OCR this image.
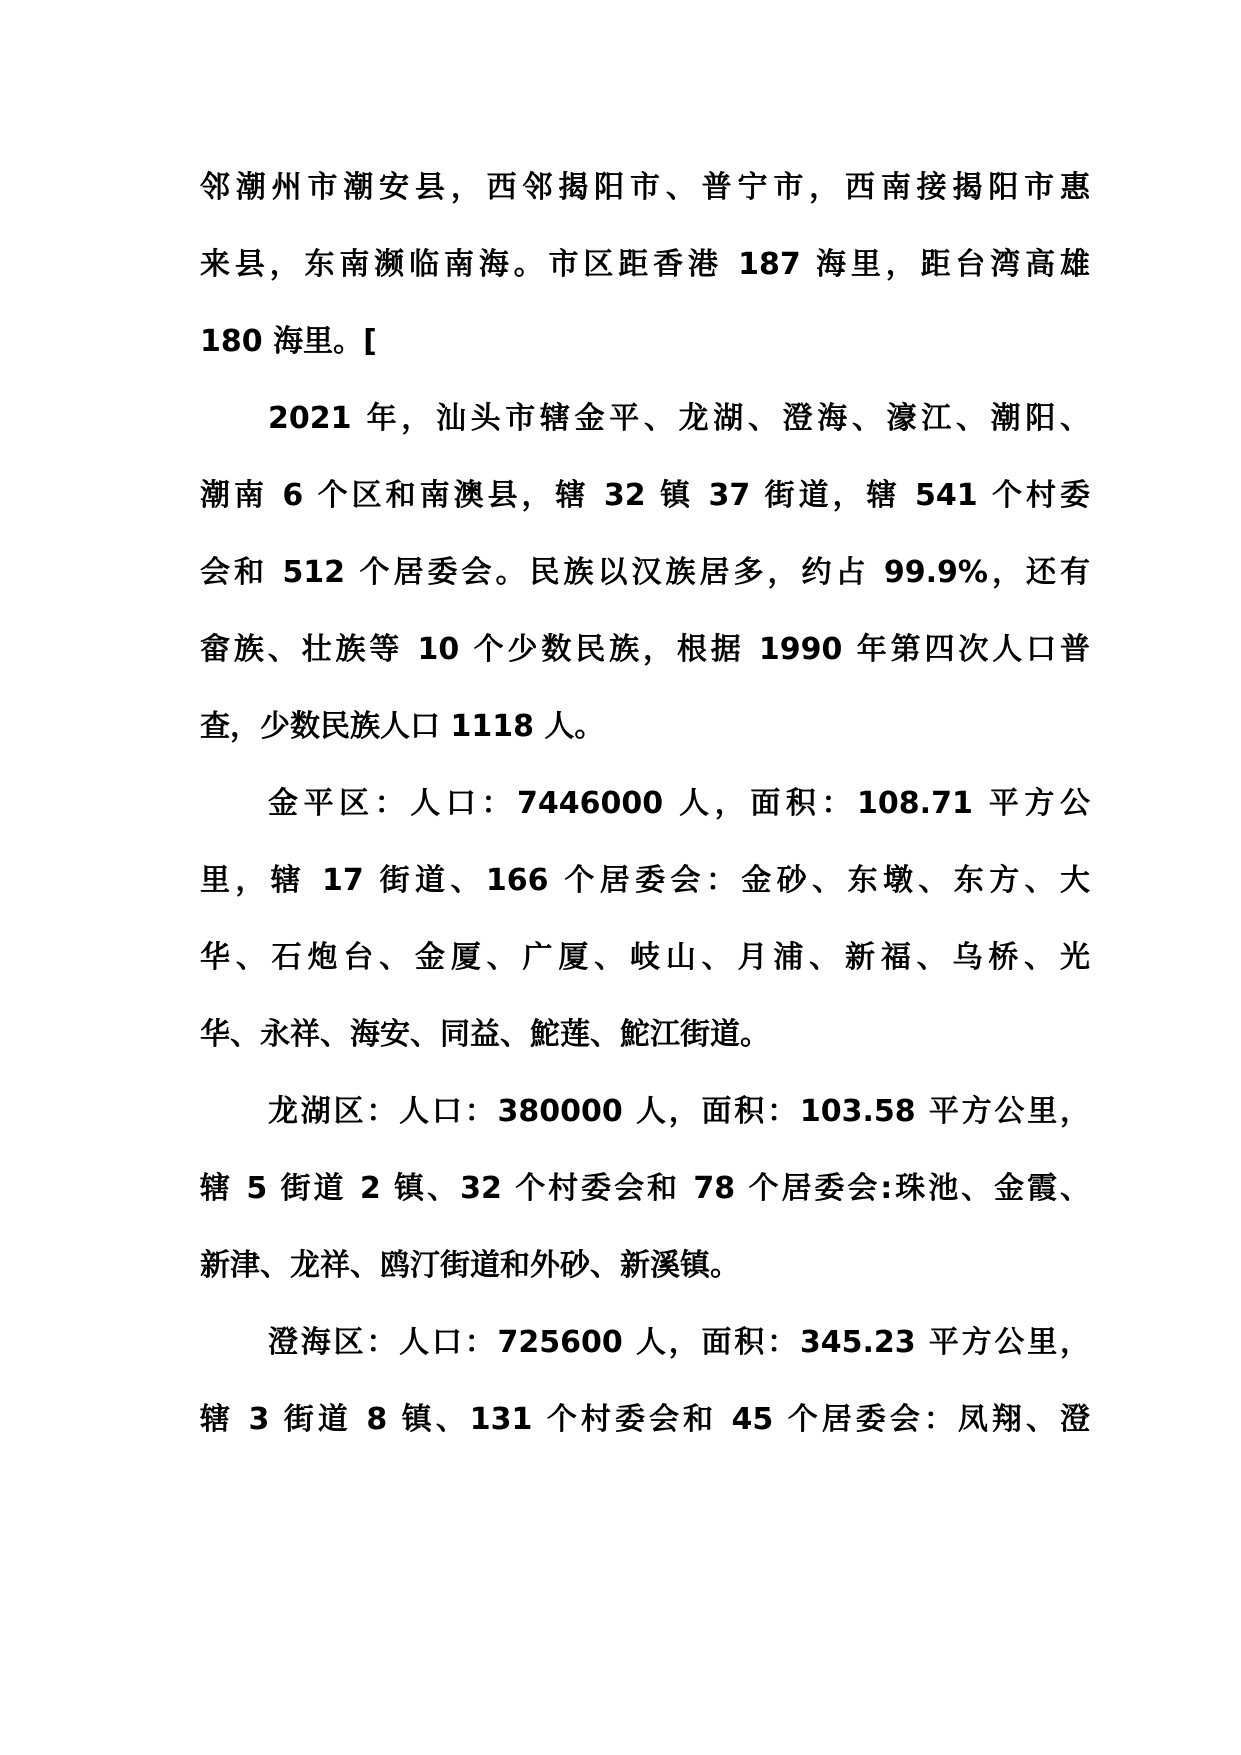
邻潮州市潮安县，西邻揭阳市、普宁市，西南接揭阳市惠
来县，东南濒临南海。市区距香港 187 海里，距台湾高雄
180 海里。[
2021 年，汕头市辖金平、龙湖、澄海、濠江、潮阳、
潮南 6 个区和南澳县，辖 32 镇 37 街道，辖 541 个村委
会和 512 个居委会。民族以汉族居多，约占 99.9%，还有
畲族、壮族等 10 个少数民族，根据 1990 年第四次人口普
查，少数民族人口 1118 人。
金平区：人口：7446000 人，面积：108.71 平方公
里，辖 17 街道、166 个居委会：金砂、东墩、东方、大
华、石炮台、金厦、广厦、岐山、月浦、新福、乌桥、光
华、永祥、海安、同益、鮀莲、鮀江街道。
龙湖区：人口：380000 人，面积：103.58 平方公里，
辖 5 街道 2 镇、32 个村委会和 78 个居委会:珠池、金霞、
新津、龙祥、鸥汀街道和外砂、新溪镇。
澄海区：人口：725600 人，面积：345.23 平方公里，
辖 3 街道 8 镇、131 个村委会和 45 个居委会：凤翔、澄
